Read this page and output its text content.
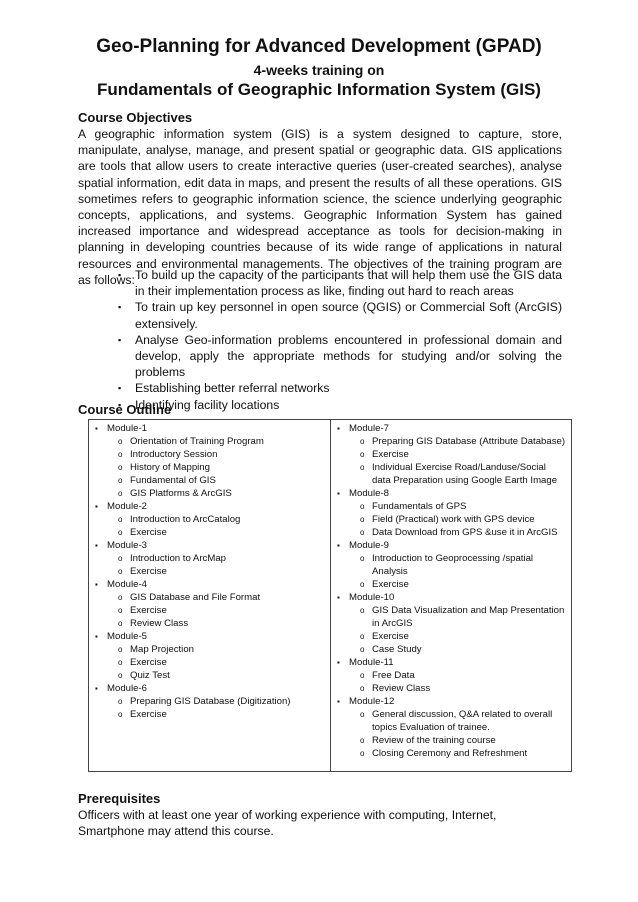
Geo-Planning for Advanced Development (GPAD)
4-weeks training on
Fundamentals of Geographic Information System (GIS)
Course Objectives
A geographic information system (GIS) is a system designed to capture, store, manipulate, analyse, manage, and present spatial or geographic data. GIS applications are tools that allow users to create interactive queries (user-created searches), analyse spatial information, edit data in maps, and present the results of all these operations. GIS sometimes refers to geographic information science, the science underlying geographic concepts, applications, and systems. Geographic Information System has gained increased importance and widespread acceptance as tools for decision-making in planning in developing countries because of its wide range of applications in natural resources and environmental managements. The objectives of the training program are as follows: ▪ To build up the capacity of the participants that will help them use the GIS data in their implementation process as like, finding out hard to reach areas
▪ To train up key personnel in open source (QGIS) or Commercial Soft (ArcGIS) extensively.
▪ Analyse Geo-information problems encountered in professional domain and develop, apply the appropriate methods for studying and/or solving the problems
▪ Establishing better referral networks
▪ Identifying facility locations
Course Outline
▪ Module-1
o Orientation of Training Program
o Introductory Session
o History of Mapping
o Fundamental of GIS
o GIS Platforms & ArcGIS
▪ Module-2
o Introduction to ArcCatalog
o Exercise
▪ Module-3
o Introduction to ArcMap
o Exercise
▪ Module-4
o GIS Database and File Format
o Exercise
o Review Class
▪ Module-5
o Map Projection
o Exercise
o Quiz Test
▪ Module-6
o Preparing GIS Database (Digitization)
o Exercise
▪ Module-7
o Preparing GIS Database (Attribute Database)
o Exercise
o Individual Exercise Road/Landuse/Social data Preparation using Google Earth Image
▪ Module-8
o Fundamentals of GPS
o Field (Practical) work with GPS device
o Data Download from GPS &use it in ArcGIS
▪ Module-9
o Introduction to Geoprocessing /spatial Analysis
o Exercise
▪ Module-10
o GIS Data Visualization and Map Presentation in ArcGIS
o Exercise
o Case Study
▪ Module-11
o Free Data
o Review Class
▪ Module-12
o General discussion, Q&A related to overall topics Evaluation of trainee.
o Review of the training course
o Closing Ceremony and Refreshment
Prerequisites
Officers with at least one year of working experience with computing, Internet, Smartphone may attend this course.
